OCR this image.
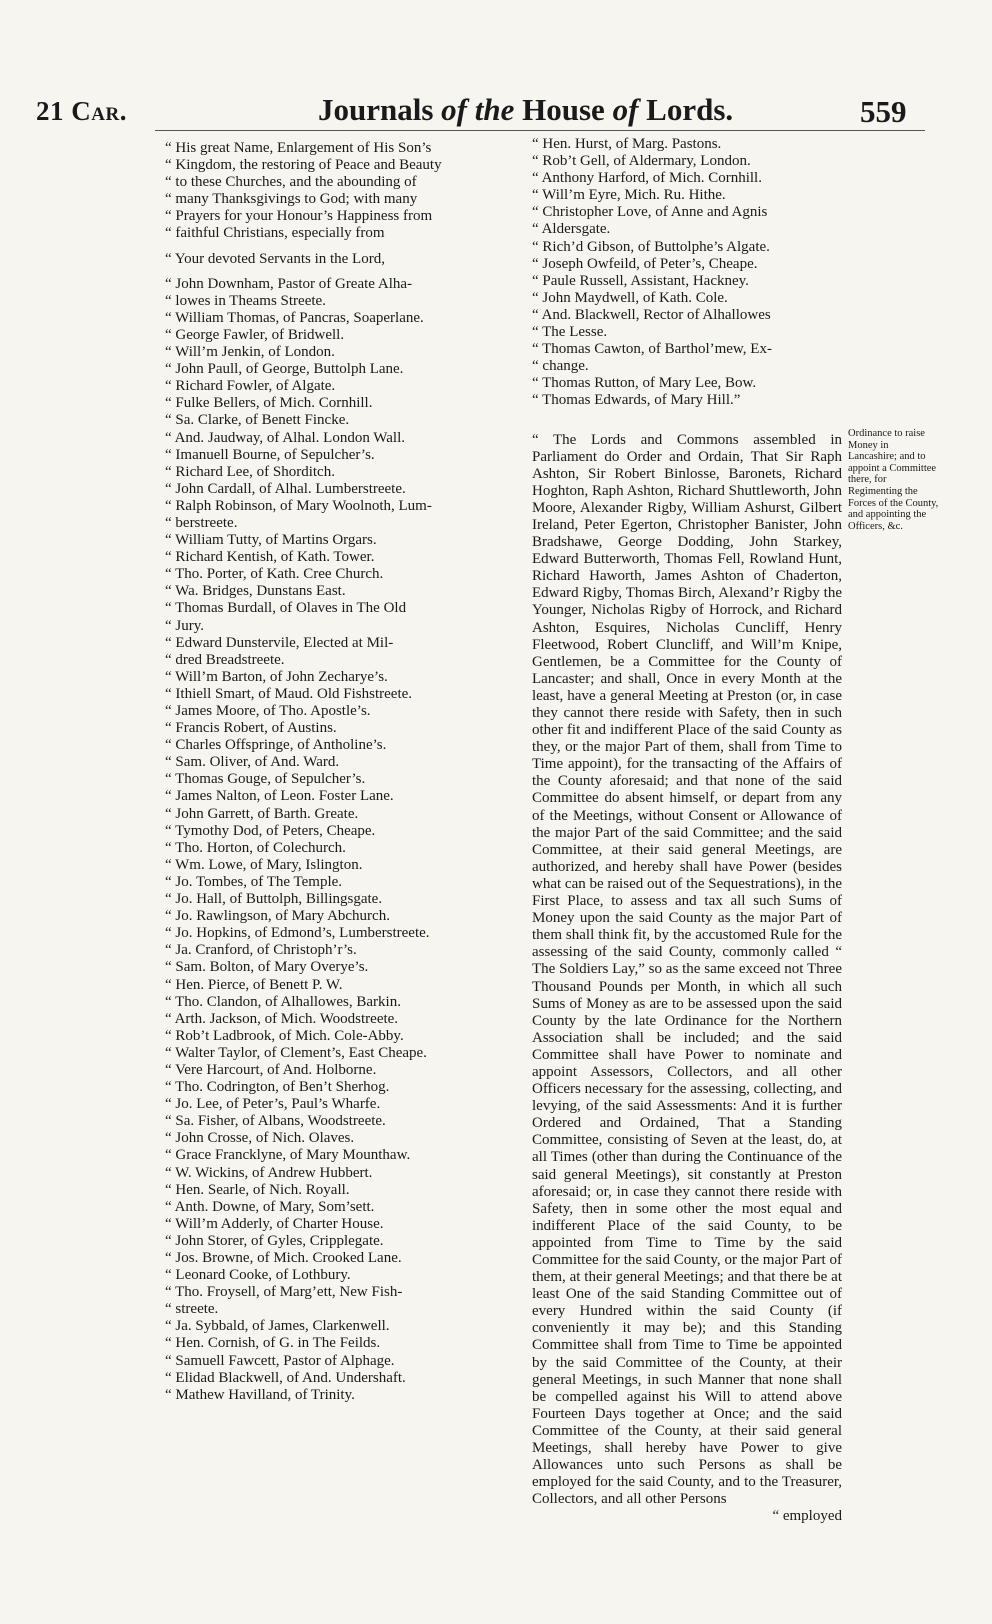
21 Car.	Journals of the House of Lords.	559
“ His great Name, Enlargement of His Son’s
“ Kingdom, the restoring of Peace and Beauty
“ to these Churches, and the abounding of
“ many Thanksgivings to God; with many
“ Prayers for your Honour’s Happiness from
“ faithful Christians, especially from
“ Your devoted Servants in the Lord,
“ John Downham, Pastor of Greate Alha-
“ lowes in Theams Streete.
“ William Thomas, of Pancras, Soaperlane.
“ George Fawler, of Bridwell.
“ Will’m Jenkin, of London.
“ John Paull, of George, Buttolph Lane.
“ Richard Fowler, of Algate.
“ Fulke Bellers, of Mich. Cornhill.
“ Sa. Clarke, of Benett Fincke.
“ And. Jaudway, of Alhal. London Wall.
“ Imanuell Bourne, of Sepulcher’s.
“ Richard Lee, of Shorditch.
“ John Cardall, of Alhal. Lumberstreete.
“ Ralph Robinson, of Mary Woolnoth, Lum-
“ berstreete.
“ William Tutty, of Martins Orgars.
“ Richard Kentish, of Kath. Tower.
“ Tho. Porter, of Kath. Cree Church.
“ Wa. Bridges, Dunstans East.
“ Thomas Burdall, of Olaves in The Old
“ Jury.
“ Edward Dunstervile, Elected at Mil-
“ dred Breadstreete.
“ Will’m Barton, of John Zecharye’s.
“ Ithiell Smart, of Maud. Old Fishstreete.
“ James Moore, of Tho. Apostle’s.
“ Francis Robert, of Austins.
“ Charles Offspringe, of Antholine’s.
“ Sam. Oliver, of And. Ward.
“ Thomas Gouge, of Sepulcher’s.
“ James Nalton, of Leon. Foster Lane.
“ John Garrett, of Barth. Greate.
“ Tymothy Dod, of Peters, Cheape.
“ Tho. Horton, of Colechurch.
“ Wm. Lowe, of Mary, Islington.
“ Jo. Tombes, of The Temple.
“ Jo. Hall, of Buttolph, Billingsgate.
“ Jo. Rawlingson, of Mary Abchurch.
“ Jo. Hopkins, of Edmond’s, Lumberstreete.
“ Ja. Cranford, of Christoph’r’s.
“ Sam. Bolton, of Mary Overye’s.
“ Hen. Pierce, of Benett P. W.
“ Tho. Clandon, of Alhallowes, Barkin.
“ Arth. Jackson, of Mich. Woodstreete.
“ Rob’t Ladbrook, of Mich. Cole-Abby.
“ Walter Taylor, of Clement’s, East Cheape.
“ Vere Harcourt, of And. Holborne.
“ Tho. Codrington, of Ben’t Sherhog.
“ Jo. Lee, of Peter’s, Paul’s Wharfe.
“ Sa. Fisher, of Albans, Woodstreete.
“ John Crosse, of Nich. Olaves.
“ Grace Francklyne, of Mary Mounthaw.
“ W. Wickins, of Andrew Hubbert.
“ Hen. Searle, of Nich. Royall.
“ Anth. Downe, of Mary, Som’sett.
“ Will’m Adderly, of Charter House.
“ John Storer, of Gyles, Cripplegate.
“ Jos. Browne, of Mich. Crooked Lane.
“ Leonard Cooke, of Lothbury.
“ Tho. Froysell, of Marg’ett, New Fish-
“ streete.
“ Ja. Sybbald, of James, Clarkenwell.
“ Hen. Cornish, of G. in The Feilds.
“ Samuell Fawcett, Pastor of Alphage.
“ Elidad Blackwell, of And. Undershaft.
“ Mathew Havilland, of Trinity.
“ Hen. Hurst, of Marg. Pastons.
“ Rob’t Gell, of Aldermary, London.
“ Anthony Harford, of Mich. Cornhill.
“ Will’m Eyre, Mich. Ru. Hithe.
“ Christopher Love, of Anne and Agnis
“ Aldersgate.
“ Rich’d Gibson, of Buttolphe’s Algate.
“ Joseph Owfeild, of Peter’s, Cheape.
“ Paule Russell, Assistant, Hackney.
“ John Maydwell, of Kath. Cole.
“ And. Blackwell, Rector of Alhallowes
“ The Lesse.
“ Thomas Cawton, of Barthol’mew, Ex-
“ change.
“ Thomas Rutton, of Mary Lee, Bow.
“ Thomas Edwards, of Mary Hill.”
“ The Lords and Commons assembled in Parliament do Order and Ordain, That Sir Raph Ashton, Sir Robert Binlosse, Baronets, Richard Hoghton, Raph Ashton, Richard Shuttleworth, John Moore, Alexander Rigby, William Ashurst, Gilbert Ireland, Peter Egerton, Christopher Banister, John Bradshawe, George Dodding, John Starkey, Edward Butterworth, Thomas Fell, Rowland Hunt, Richard Haworth, James Ashton of Chaderton, Edward Rigby, Thomas Birch, Alexand’r Rigby the Younger, Nicholas Rigby of Horrock, and Richard Ashton, Esquires, Nicholas Cuncliff, Henry Fleetwood, Robert Cluncliff, and Will’m Knipe, Gentlemen, be a Committee for the County of Lancaster; and shall, Once in every Month at the least, have a general Meeting at Preston (or, in case they cannot there reside with Safety, then in such other fit and indifferent Place of the said County as they, or the major Part of them, shall from Time to Time appoint), for the transacting of the Affairs of the County aforesaid; and that none of the said Committee do absent himself, or depart from any of the Meetings, without Consent or Allowance of the major Part of the said Committee; and the said Committee, at their said general Meetings, are authorized, and hereby shall have Power (besides what can be raised out of the Sequestrations), in the First Place, to assess and tax all such Sums of Money upon the said County as the major Part of them shall think fit, by the accustomed Rule for the assessing of the said County, commonly called “ The Soldiers Lay,” so as the same exceed not Three Thousand Pounds per Month, in which all such Sums of Money as are to be assessed upon the said County by the late Ordinance for the Northern Association shall be included; and the said Committee shall have Power to nominate and appoint Assessors, Collectors, and all other Officers necessary for the assessing, collecting, and levying, of the said Assessments: And it is further Ordered and Ordained, That a Standing Committee, consisting of Seven at the least, do, at all Times (other than during the Continuance of the said general Meetings), sit constantly at Preston aforesaid; or, in case they cannot there reside with Safety, then in some other the most equal and indifferent Place of the said County, to be appointed from Time to Time by the said Committee for the said County, or the major Part of them, at their general Meetings; and that there be at least One of the said Standing Committee out of every Hundred within the said County (if conveniently it may be); and this Standing Committee shall from Time to Time be appointed by the said Committee of the County, at their general Meetings, in such Manner that none shall be compelled against his Will to attend above Fourteen Days together at Once; and the said Committee of the County, at their said general Meetings, shall hereby have Power to give Allowances unto such Persons as shall be employed for the said County, and to the Treasurer, Collectors, and all other Persons
“ employed
Ordinance to raise Money in Lancashire; and to appoint a Committee there, for Regimenting the Forces of the County, and appointing the Officers, &c.
